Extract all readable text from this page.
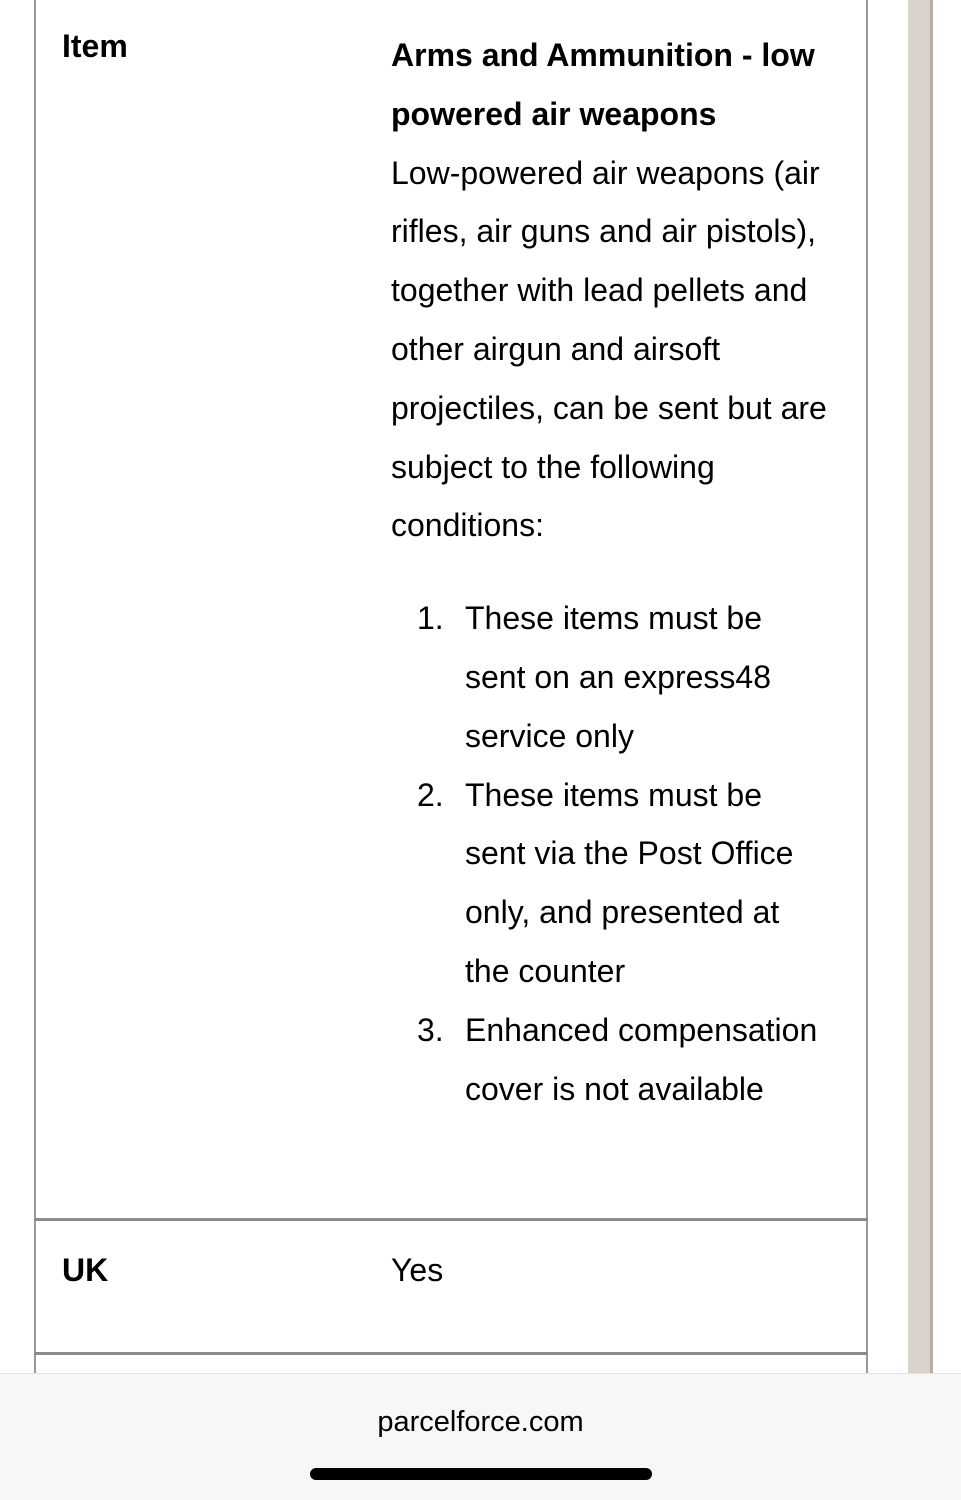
Item	Arms and Ammunition - low powered air weapons
Low-powered air weapons (air rifles, air guns and air pistols), together with lead pellets and other airgun and airsoft projectiles, can be sent but are subject to the following conditions:
1. These items must be sent on an express48 service only
2. These items must be sent via the Post Office only, and presented at the counter
3. Enhanced compensation cover is not available
UK	Yes
parcelforce.com
